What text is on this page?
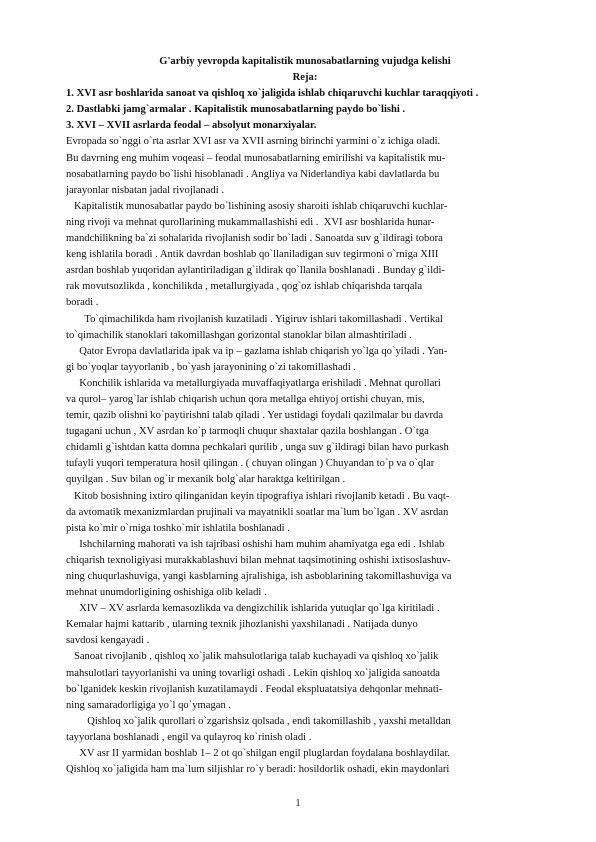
G'arbiy yevropda kapitalistik munosabatlarning vujudga kelishi
Reja:
1. XVI asr boshlarida sanoat va qishloq xo`jaligida ishlab chiqaruvchi kuchlar taraqqiyoti .
2. Dastlabki jamg`armalar . Kapitalistik munosabatlarning paydo bo`lishi .
3. XVI – XVII asrlarda feodal – absolyut monarxiyalar.
Evropada so`nggi o`rta asrlar XVI asr va XVII asrning birinchi yarmini o`z ichiga oladi.
Bu davrning eng muhim voqeasi – feodal munosabatlarning emirilishi va kapitalistik mu-
nosabatlarning paydo bo`lishi hisoblanadi . Angliya va Niderlandiya kabi davlatlarda bu
jarayonlar nisbatan jadal rivojlanadi .
Kapitalistik munosabatlar paydo bo`lishining asosiy sharoiti ishlab chiqaruvchi kuchlar-
ning rivoji va mehnat qurollarining mukammallashishi edi .  XVI asr boshlarida hunar-
mandchilikning ba`zi sohalarida rivojlanish sodir bo`ladi . Sanoatda suv g`ildiragi tobora
keng ishlatila boradi . Antik davrdan boshlab qo`llaniladigan suv tegirmoni o`rniga XIII
asrdan boshlab yuqoridan aylantiriladigan g`ildirak qo`llanila boshlanadi . Bunday g`ildi-
rak movutsozlikda , konchilikda , metallurgiyada , qog`oz ishlab chiqarishda tarqala
boradi .
To`qimachilikda ham rivojlanish kuzatiladi . Yigiruv ishlari takomillashadi . Vertikal
to`qimachilik stanoklari takomillashgan gorizontal stanoklar bilan almashtiriladi .
Qator Evropa davlatlarida ipak va ip – gazlama ishlab chiqarish yo`lga qo`yiladi . Yan-
gi bo`yoqlar tayyorlanib , bo`yash jarayonining o`zi takomillashadi .
Konchilik ishlarida va metallurgiyada muvaffaqiyatlarga erishiladi . Mehnat qurollari
va qurol– yarog`lar ishlab chiqarish uchun qora metallga ehtiyoj ortishi chuyan, mis,
temir, qazib olishni ko`paytirishni talab qiladi . Yer ustidagi foydali qazilmalar bu davrda
tugagani uchun , XV asrdan ko`p tarmoqli chuqur shaxtalar qazila boshlangan . O`tga
chidamli g`ishtdan katta domna pechkalari qurilib , unga suv g`ildiragi bilan havo purkash
tufayli yuqori temperatura hosil qilingan . ( chuyan olingan ) Chuyandan to`p va o`qlar
quyilgan . Suv bilan og`ir mexanik bolg`alar haraktga keltirilgan .
Kitob bosishning ixtiro qilinganidan keyin tipografiya ishlari rivojlanib ketadi . Bu vaqt-
da avtomatik mexanizmlardan prujinali va mayatnikli soatlar ma`lum bo`lgan . XV asrdan
pista ko`mir o`rniga toshko`mir ishlatila boshlanadi .
Ishchilarning mahorati va ish tajribasi oshishi ham muhim ahamiyatga ega edi . Ishlab
chiqarish texnoligiyasi murakkablashuvi bilan mehnat taqsimotining oshishi ixtisoslashuv-
ning chuqurlashuviga, yangi kasblarning ajralishiga, ish asboblarining takomillashuviga va
mehnat unumdorligining oshishiga olib keladi .
XIV – XV asrlarda kemasozlikda va dengizchilik ishlarida yutuqlar qo`lga kiritiladi .
Kemalar hajmi kattarib , ularning texnik jihozlanishi yaxshilanadi . Natijada dunyo
savdosi kengayadi .
Sanoat rivojlanib , qishloq xo`jalik mahsulotlariga talab kuchayadi va qishloq xo`jalik
mahsulotlari tayyorlanishi va uning tovarligi oshadi . Lekin qishloq xo`jaligida sanoatda
bo`lganidek keskin rivojlanish kuzatilamaydi . Feodal ekspluatatsiya dehqonlar mehnati-
ning samaradorligiga yo`l qo`ymagan .
Qishloq xo`jalik qurollari o`zgarishsiz qolsada , endi takomillashib , yaxshi metalldan
tayyorlana boshlanadi , engil va qulayroq ko`rinish oladi .
XV asr II yarmidan boshlab 1– 2 ot qo`shilgan engil pluglardan foydalana boshlaydilar.
Qishloq xo`jaligida ham ma`lum siljishlar ro`y beradi: hosildorlik oshadi, ekin maydonlari
1
